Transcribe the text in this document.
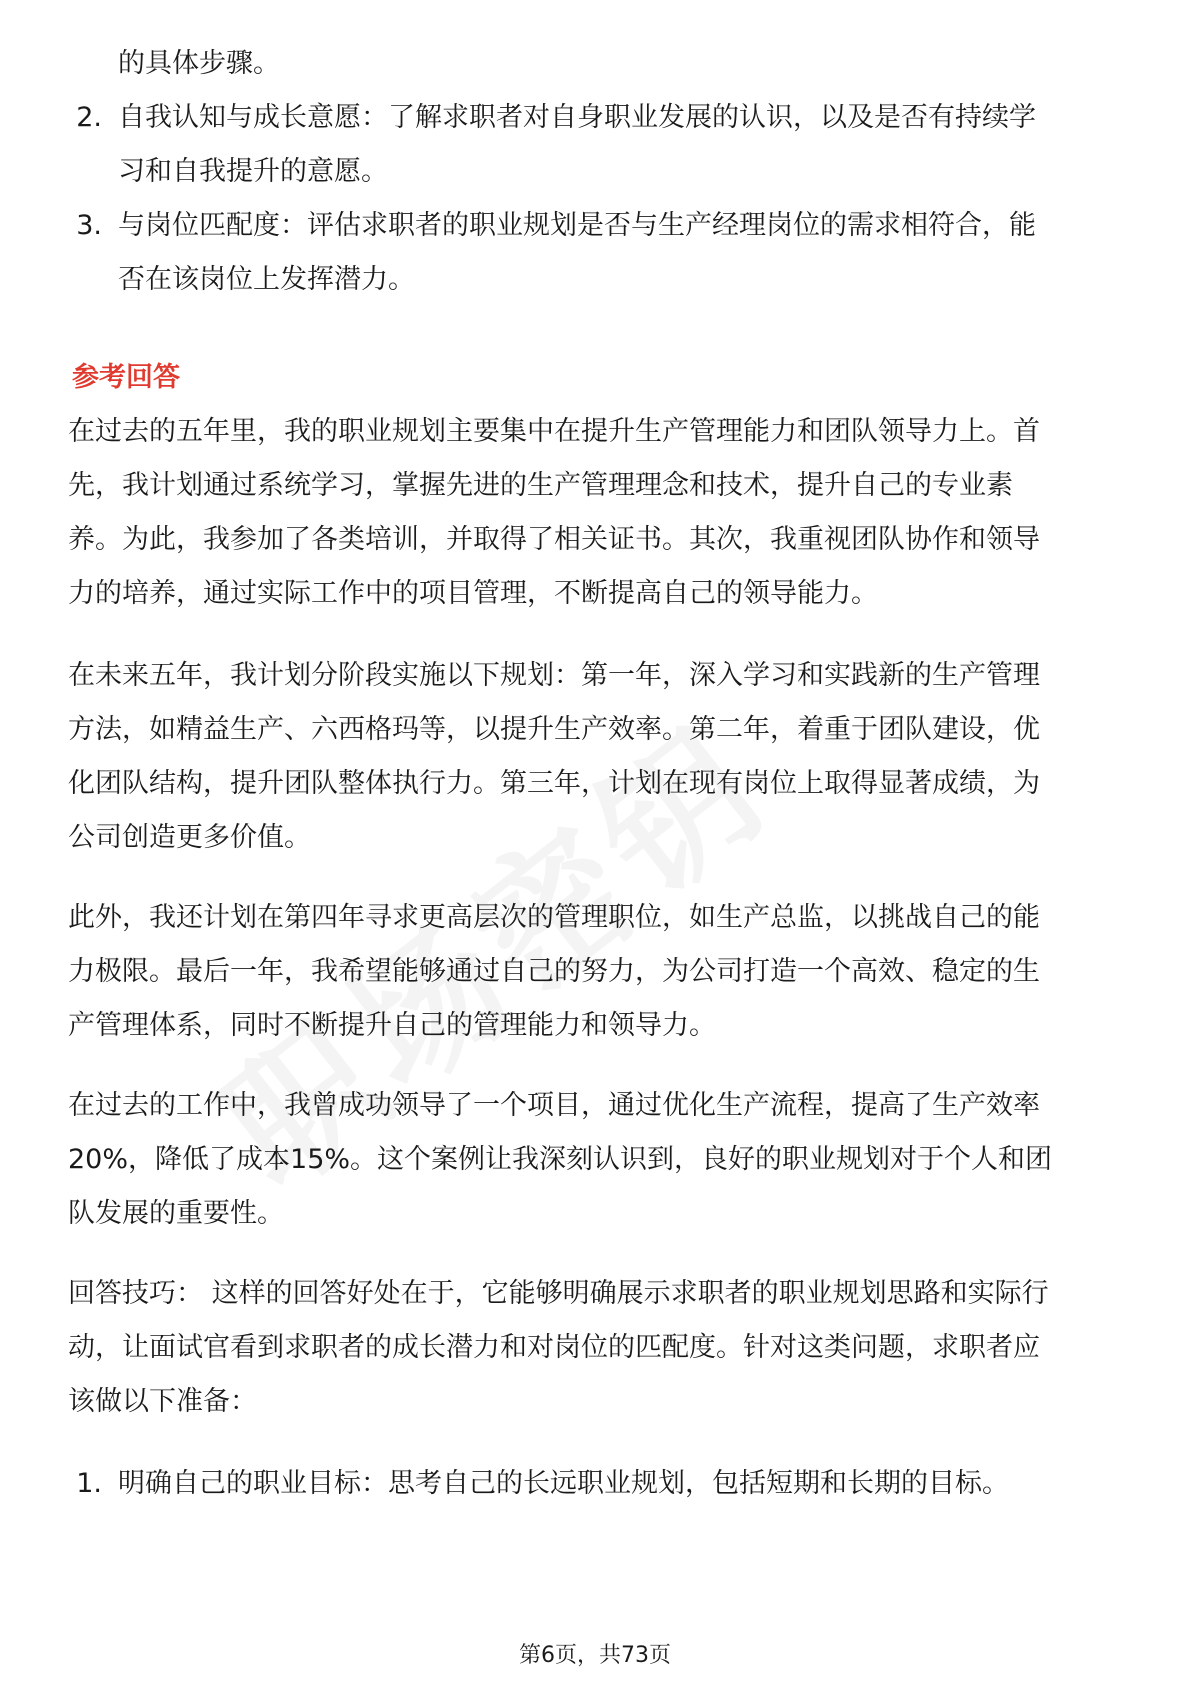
的具体步骤。
2. 自我认知与成长意愿：了解求职者对自身职业发展的认识，以及是否有持续学
习和自我提升的意愿。
3. 与岗位匹配度：评估求职者的职业规划是否与生产经理岗位的需求相符合，能
否在该岗位上发挥潜力。
参考回答
在过去的五年里，我的职业规划主要集中在提升生产管理能力和团队领导力上。首
先，我计划通过系统学习，掌握先进的生产管理理念和技术，提升自己的专业素
养。为此，我参加了各类培训，并取得了相关证书。其次，我重视团队协作和领导
力的培养，通过实际工作中的项目管理，不断提高自己的领导能力。
在未来五年，我计划分阶段实施以下规划：第一年，深入学习和实践新的生产管理
方法，如精益生产、六西格玛等，以提升生产效率。第二年，着重于团队建设，优
化团队结构，提升团队整体执行力。第三年，计划在现有岗位上取得显著成绩，为
公司创造更多价值。
此外，我还计划在第四年寻求更高层次的管理职位，如生产总监，以挑战自己的能
力极限。最后一年，我希望能够通过自己的努力，为公司打造一个高效、稳定的生
产管理体系，同时不断提升自己的管理能力和领导力。
在过去的工作中，我曾成功领导了一个项目，通过优化生产流程，提高了生产效率
20%，降低了成本15%。这个案例让我深刻认识到，良好的职业规划对于个人和团
队发展的重要性。
回答技巧： 这样的回答好处在于，它能够明确展示求职者的职业规划思路和实际行
动，让面试官看到求职者的成长潜力和对岗位的匹配度。针对这类问题，求职者应
该做以下准备：
1. 明确自己的职业目标：思考自己的长远职业规划，包括短期和长期的目标。
第6页，共73页
